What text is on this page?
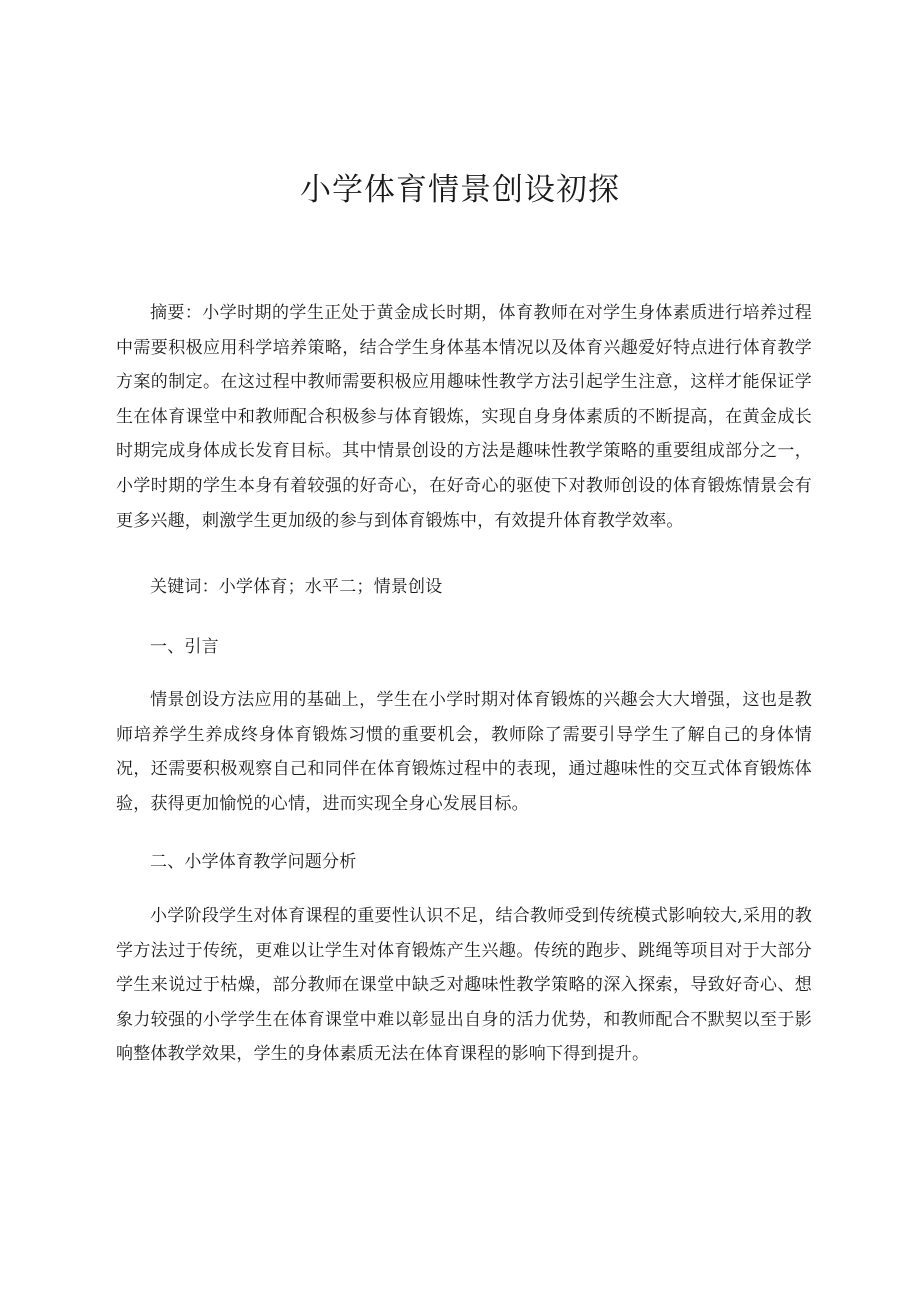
小学体育情景创设初探

摘要：小学时期的学生正处于黄金成长时期，体育教师在对学生身体素质进行培养过程中需要积极应用科学培养策略，结合学生身体基本情况以及体育兴趣爱好特点进行体育教学方案的制定。在这过程中教师需要积极应用趣味性教学方法引起学生注意，这样才能保证学生在体育课堂中和教师配合积极参与体育锻炼，实现自身身体素质的不断提高，在黄金成长时期完成身体成长发育目标。其中情景创设的方法是趣味性教学策略的重要组成部分之一，小学时期的学生本身有着较强的好奇心，在好奇心的驱使下对教师创设的体育锻炼情景会有更多兴趣，刺激学生更加级的参与到体育锻炼中，有效提升体育教学效率。

关键词：小学体育；水平二；情景创设

一、引言

情景创设方法应用的基础上，学生在小学时期对体育锻炼的兴趣会大大增强，这也是教师培养学生养成终身体育锻炼习惯的重要机会，教师除了需要引导学生了解自己的身体情况，还需要积极观察自己和同伴在体育锻炼过程中的表现，通过趣味性的交互式体育锻炼体验，获得更加愉悦的心情，进而实现全身心发展目标。

二、小学体育教学问题分析

小学阶段学生对体育课程的重要性认识不足，结合教师受到传统模式影响较大,采用的教学方法过于传统，更难以让学生对体育锻炼产生兴趣。传统的跑步、跳绳等项目对于大部分学生来说过于枯燥，部分教师在课堂中缺乏对趣味性教学策略的深入探索，导致好奇心、想象力较强的小学学生在体育课堂中难以彰显出自身的活力优势，和教师配合不默契以至于影响整体教学效果，学生的身体素质无法在体育课程的影响下得到提升。
